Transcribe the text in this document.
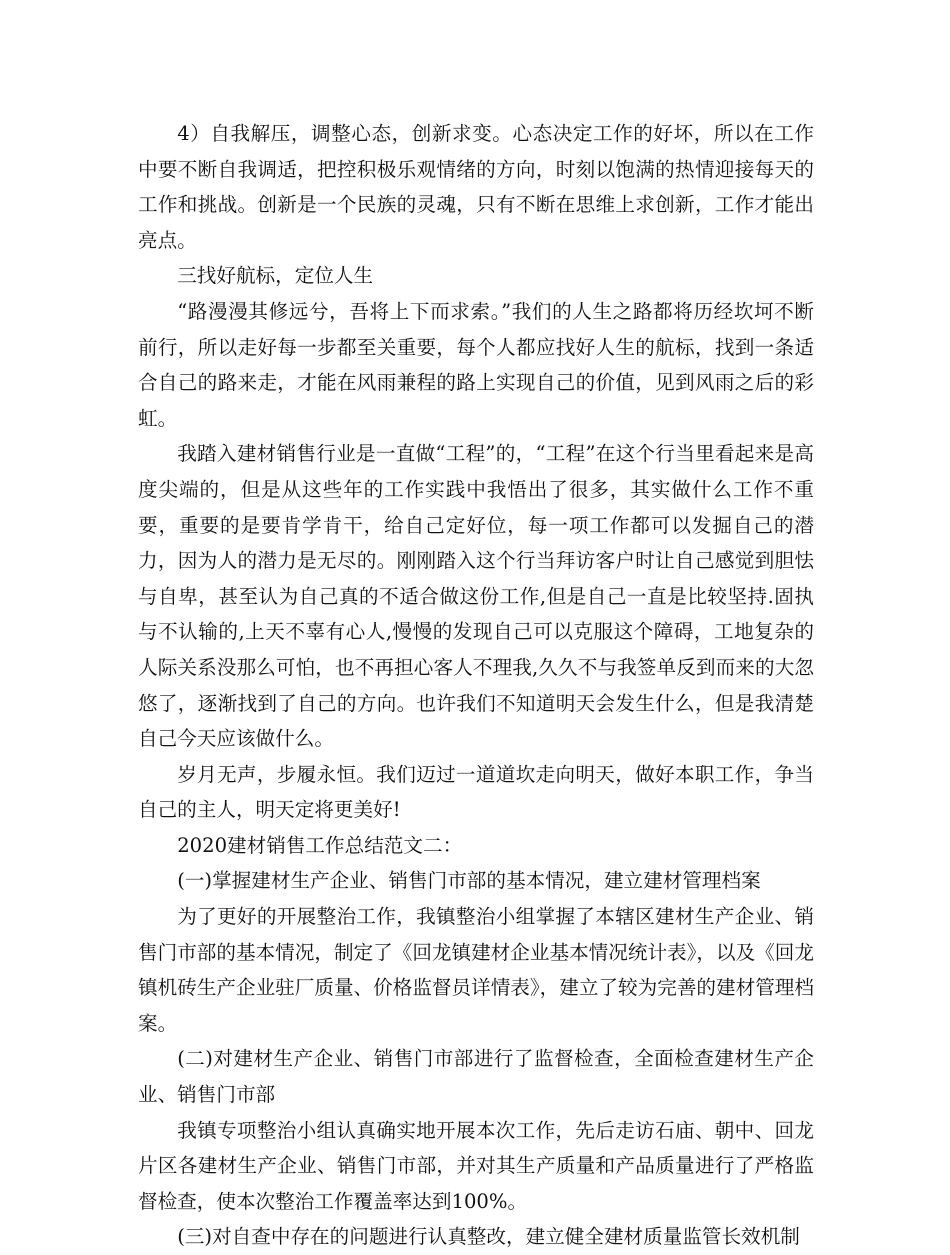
4）自我解压，调整心态，创新求变。心态决定工作的好坏，所以在工作中要不断自我调适，把控积极乐观情绪的方向，时刻以饱满的热情迎接每天的工作和挑战。创新是一个民族的灵魂，只有不断在思维上求创新，工作才能出亮点。

三找好航标，定位人生

“路漫漫其修远兮，吾将上下而求索。”我们的人生之路都将历经坎坷不断前行，所以走好每一步都至关重要，每个人都应找好人生的航标，找到一条适合自己的路来走，才能在风雨兼程的路上实现自己的价值，见到风雨之后的彩虹。

我踏入建材销售行业是一直做“工程”的，“工程”在这个行当里看起来是高度尖端的，但是从这些年的工作实践中我悟出了很多，其实做什么工作不重要，重要的是要肯学肯干，给自己定好位，每一项工作都可以发掘自己的潜力，因为人的潜力是无尽的。刚刚踏入这个行当拜访客户时让自己感觉到胆怯与自卑，甚至认为自己真的不适合做这份工作,但是自己一直是比较坚持.固执与不认输的,上天不辜有心人,慢慢的发现自己可以克服这个障碍，工地复杂的人际关系没那么可怕，也不再担心客人不理我,久久不与我签单反到而来的大忽悠了，逐渐找到了自己的方向。也许我们不知道明天会发生什么，但是我清楚自己今天应该做什么。

岁月无声，步履永恒。我们迈过一道道坎走向明天，做好本职工作，争当自己的主人，明天定将更美好!

2020建材销售工作总结范文二：

(一)掌握建材生产企业、销售门市部的基本情况，建立建材管理档案

为了更好的开展整治工作，我镇整治小组掌握了本辖区建材生产企业、销售门市部的基本情况，制定了《回龙镇建材企业基本情况统计表》，以及《回龙镇机砖生产企业驻厂质量、价格监督员详情表》，建立了较为完善的建材管理档案。

(二)对建材生产企业、销售门市部进行了监督检查，全面检查建材生产企业、销售门市部

我镇专项整治小组认真确实地开展本次工作，先后走访石庙、朝中、回龙片区各建材生产企业、销售门市部，并对其生产质量和产品质量进行了严格监督检查，使本次整治工作覆盖率达到100%。

(三)对自查中存在的问题进行认真整改，建立健全建材质量监管长效机制
